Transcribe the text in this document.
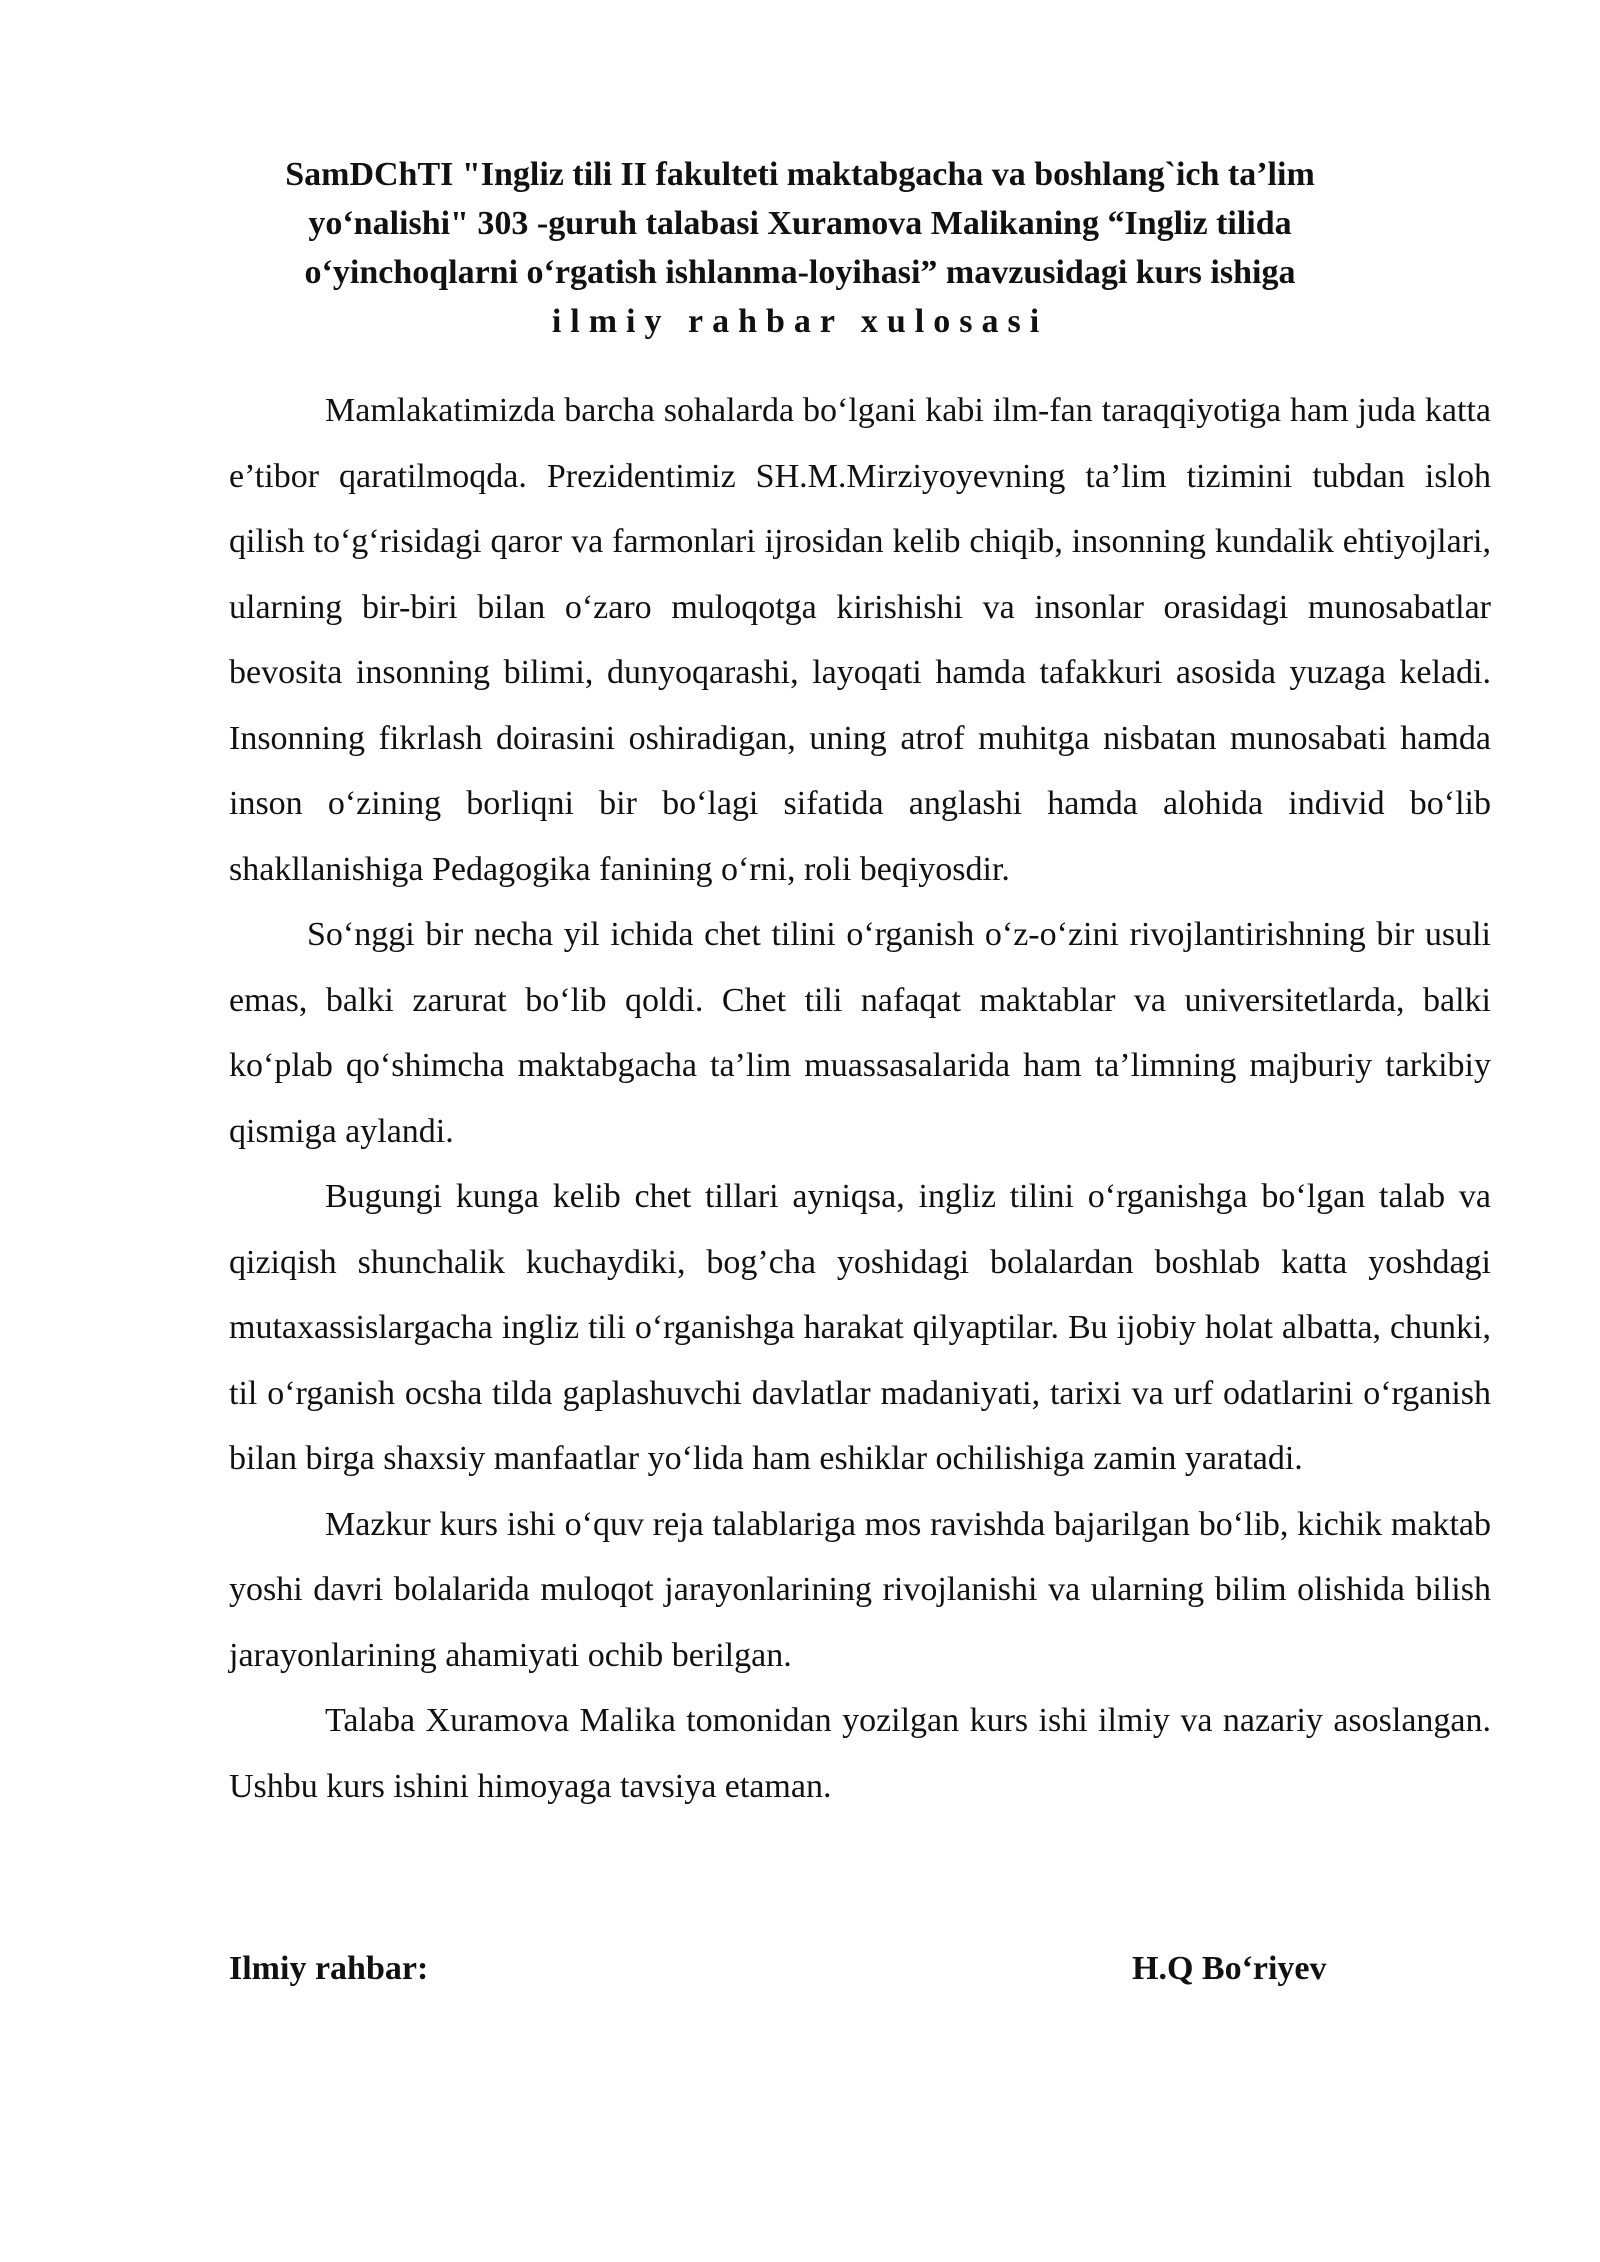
SamDChTI "Ingliz tili II fakulteti maktabgacha va boshlang`ich ta’lim
yo‘nalishi" 303 -guruh talabasi Xuramova Malikaning “Ingliz tilida
o‘yinchoqlarni o‘rgatish ishlanma-loyihasi” mavzusidagi kurs ishiga
ilmiy rahbar xulosasi

Mamlakatimizda barcha sohalarda bo‘lgani kabi ilm-fan taraqqiyotiga ham juda katta e’tibor qaratilmoqda. Prezidentimiz SH.M.Mirziyoyevning ta’lim tizimini tubdan isloh qilish to‘g‘risidagi qaror va farmonlari ijrosidan kelib chiqib, insonning kundalik ehtiyojlari, ularning bir-biri bilan o‘zaro muloqotga kirishishi va insonlar orasidagi munosabatlar bevosita insonning bilimi, dunyoqarashi, layoqati hamda tafakkuri asosida yuzaga keladi. Insonning fikrlash doirasini oshiradigan, uning atrof muhitga nisbatan munosabati hamda inson o‘zining borliqni bir bo‘lagi sifatida anglashi hamda alohida individ bo‘lib shakllanishiga Pedagogika fanining o‘rni, roli beqiyosdir.

So‘nggi bir necha yil ichida chet tilini o‘rganish o‘z-o‘zini rivojlantirishning bir usuli emas, balki zarurat bo‘lib qoldi. Chet tili nafaqat maktablar va universitetlarda, balki ko‘plab qo‘shimcha maktabgacha ta’lim muassasalarida ham ta’limning majburiy tarkibiy qismiga aylandi.

Bugungi kunga kelib chet tillari ayniqsa, ingliz tilini o‘rganishga bo‘lgan talab va qiziqish shunchalik kuchaydiki, bog’cha yoshidagi bolalardan boshlab katta yoshdagi mutaxassislargacha ingliz tili o‘rganishga harakat qilyaptilar. Bu ijobiy holat albatta, chunki, til o‘rganish ocsha tilda gaplashuvchi davlatlar madaniyati, tarixi va urf odatlarini o‘rganish bilan birga shaxsiy manfaatlar yo‘lida ham eshiklar ochilishiga zamin yaratadi.

Mazkur kurs ishi o‘quv reja talablariga mos ravishda bajarilgan bo‘lib, kichik maktab yoshi davri bolalarida muloqot jarayonlarining rivojlanishi va ularning bilim olishida bilish jarayonlarining ahamiyati ochib berilgan.

Talaba Xuramova Malika tomonidan yozilgan kurs ishi ilmiy va nazariy asoslangan. Ushbu kurs ishini himoyaga tavsiya etaman.

Ilmiy rahbar:	H.Q Bo‘riyev
